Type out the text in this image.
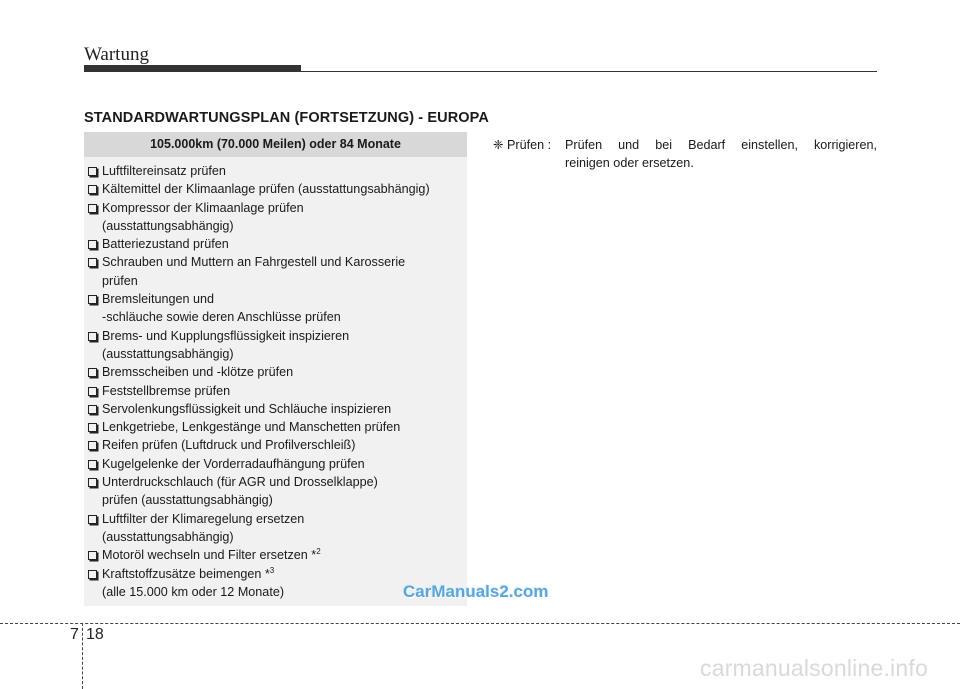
Wartung
STANDARDWARTUNGSPLAN (FORTSETZUNG) - EUROPA
105.000km (70.000 Meilen) oder 84 Monate
Luftfiltereinsatz prüfen
Kältemittel der Klimaanlage prüfen (ausstattungsabhängig)
Kompressor der Klimaanlage prüfen
(ausstattungsabhängig)
Batteriezustand prüfen
Schrauben und Muttern an Fahrgestell und Karosserie
prüfen
Bremsleitungen und
-schläuche sowie deren Anschlüsse prüfen
Brems- und Kupplungsflüssigkeit inspizieren
(ausstattungsabhängig)
Bremsscheiben und -klötze prüfen
Feststellbremse prüfen
Servolenkungsflüssigkeit und Schläuche inspizieren
Lenkgetriebe, Lenkgestänge und Manschetten prüfen
Reifen prüfen (Luftdruck und Profilverschleiß)
Kugelgelenke der Vorderradaufhängung prüfen
Unterdruckschlauch (für AGR und Drosselklappe)
prüfen (ausstattungsabhängig)
Luftfilter der Klimaregelung ersetzen
(ausstattungsabhängig)
Motoröl wechseln und Filter ersetzen *$^2$

Kraftstoffzusätze beimengen *$^3$

(alle 15.000 km oder 12 Monate)
❈ Prüfen :	Prüfen und bei Bedarf einstellen, korrigieren,
reinigen oder ersetzen.
CarManuals2.com
7 18
carmanualsonline.info
